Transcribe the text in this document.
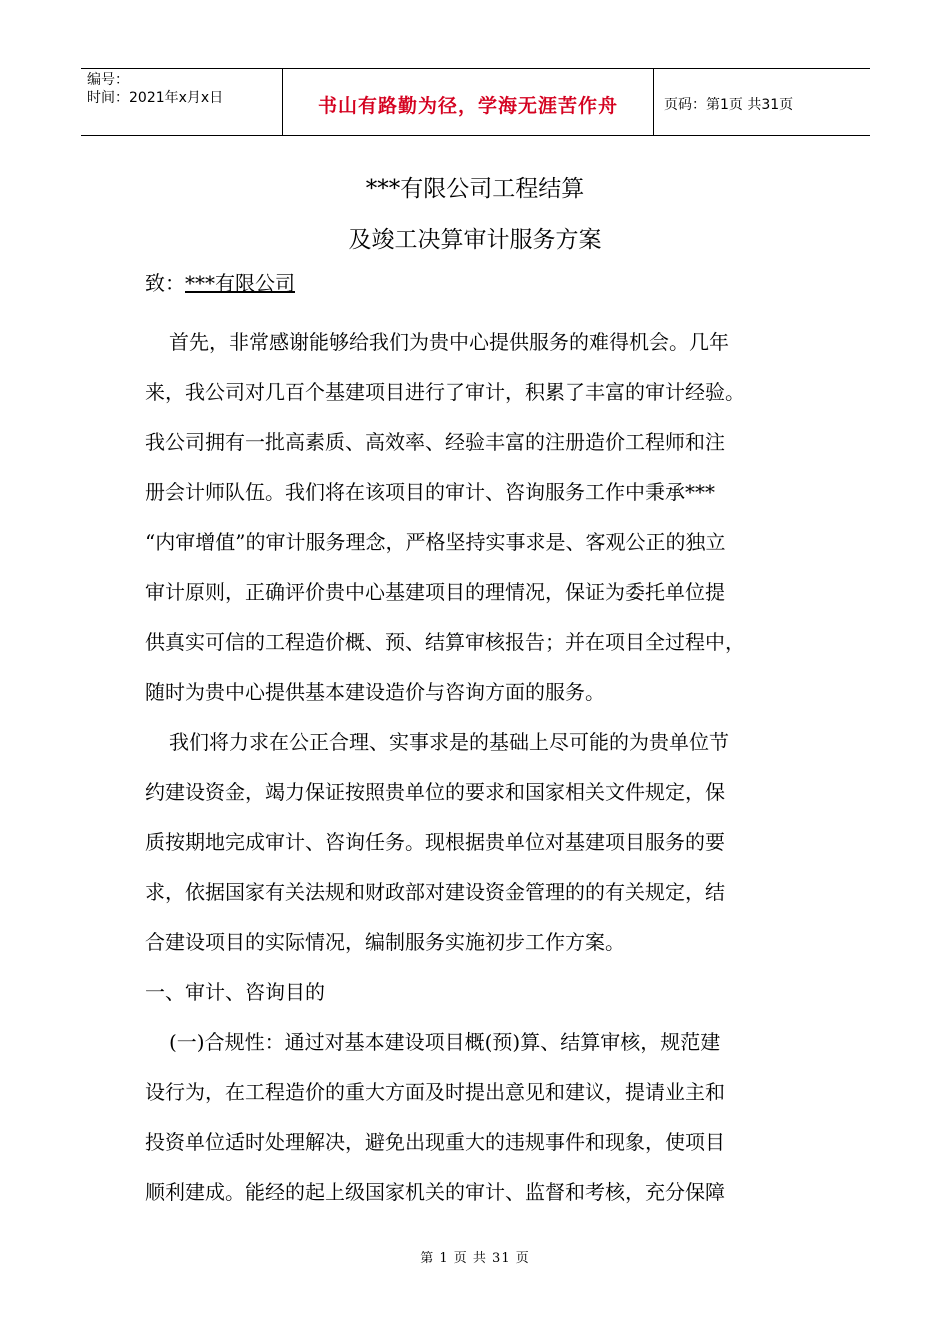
编号：
时间：2021年x月x日	书山有路勤为径，学海无涯苦作舟	页码：第1页 共31页
***有限公司工程结算
及竣工决算审计服务方案
致：***有限公司
首先，非常感谢能够给我们为贵中心提供服务的难得机会。几年
来，我公司对几百个基建项目进行了审计，积累了丰富的审计经验。
我公司拥有一批高素质、高效率、经验丰富的注册造价工程师和注
册会计师队伍。我们将在该项目的审计、咨询服务工作中秉承***
“内审增值”的审计服务理念，严格坚持实事求是、客观公正的独立
审计原则，正确评价贵中心基建项目的理情况，保证为委托单位提
供真实可信的工程造价概、预、结算审核报告；并在项目全过程中，
随时为贵中心提供基本建设造价与咨询方面的服务。
我们将力求在公正合理、实事求是的基础上尽可能的为贵单位节
约建设资金，竭力保证按照贵单位的要求和国家相关文件规定，保
质按期地完成审计、咨询任务。现根据贵单位对基建项目服务的要
求，依据国家有关法规和财政部对建设资金管理的的有关规定，结
合建设项目的实际情况，编制服务实施初步工作方案。
一、审计、咨询目的
(一)合规性：通过对基本建设项目概(预)算、结算审核，规范建
设行为，在工程造价的重大方面及时提出意见和建议，提请业主和
投资单位适时处理解决，避免出现重大的违规事件和现象，使项目
顺利建成。能经的起上级国家机关的审计、监督和考核，充分保障
第 1 页 共 31 页
